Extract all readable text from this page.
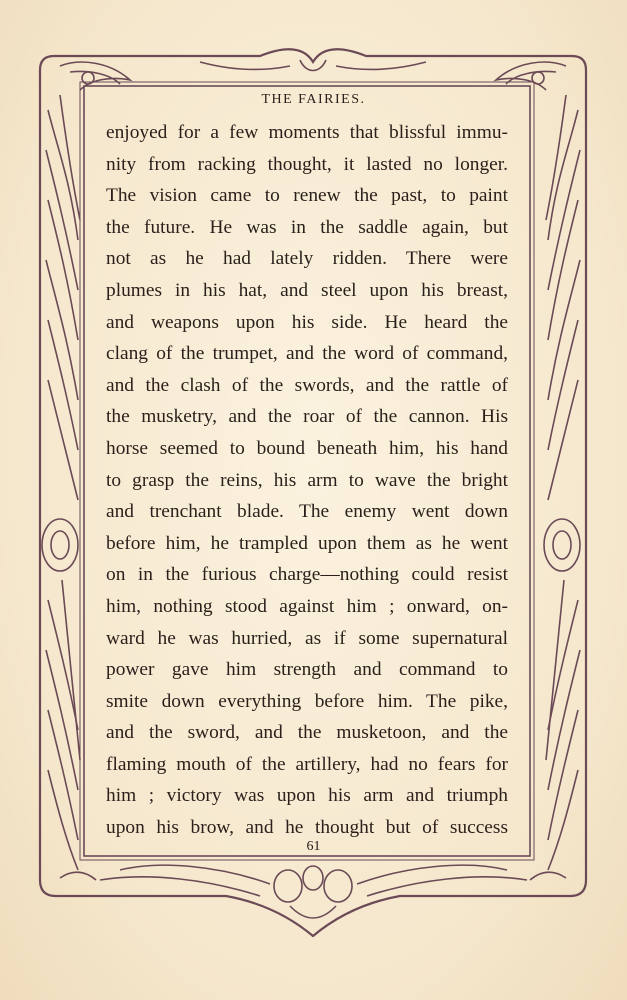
THE FAIRIES.
enjoyed for a few moments that blissful immu-
nity from racking thought, it lasted no longer.
The vision came to renew the past, to paint
the future. He was in the saddle again, but
not as he had lately ridden. There were
plumes in his hat, and steel upon his breast,
and weapons upon his side. He heard the
clang of the trumpet, and the word of command,
and the clash of the swords, and the rattle of
the musketry, and the roar of the cannon. His
horse seemed to bound beneath him, his hand
to grasp the reins, his arm to wave the bright
and trenchant blade. The enemy went down
before him, he trampled upon them as he went
on in the furious charge—nothing could resist
him, nothing stood against him ; onward, on-
ward he was hurried, as if some supernatural
power gave him strength and command to
smite down everything before him. The pike,
and the sword, and the musketoon, and the
flaming mouth of the artillery, had no fears for
him ; victory was upon his arm and triumph
upon his brow, and he thought but of success
61
